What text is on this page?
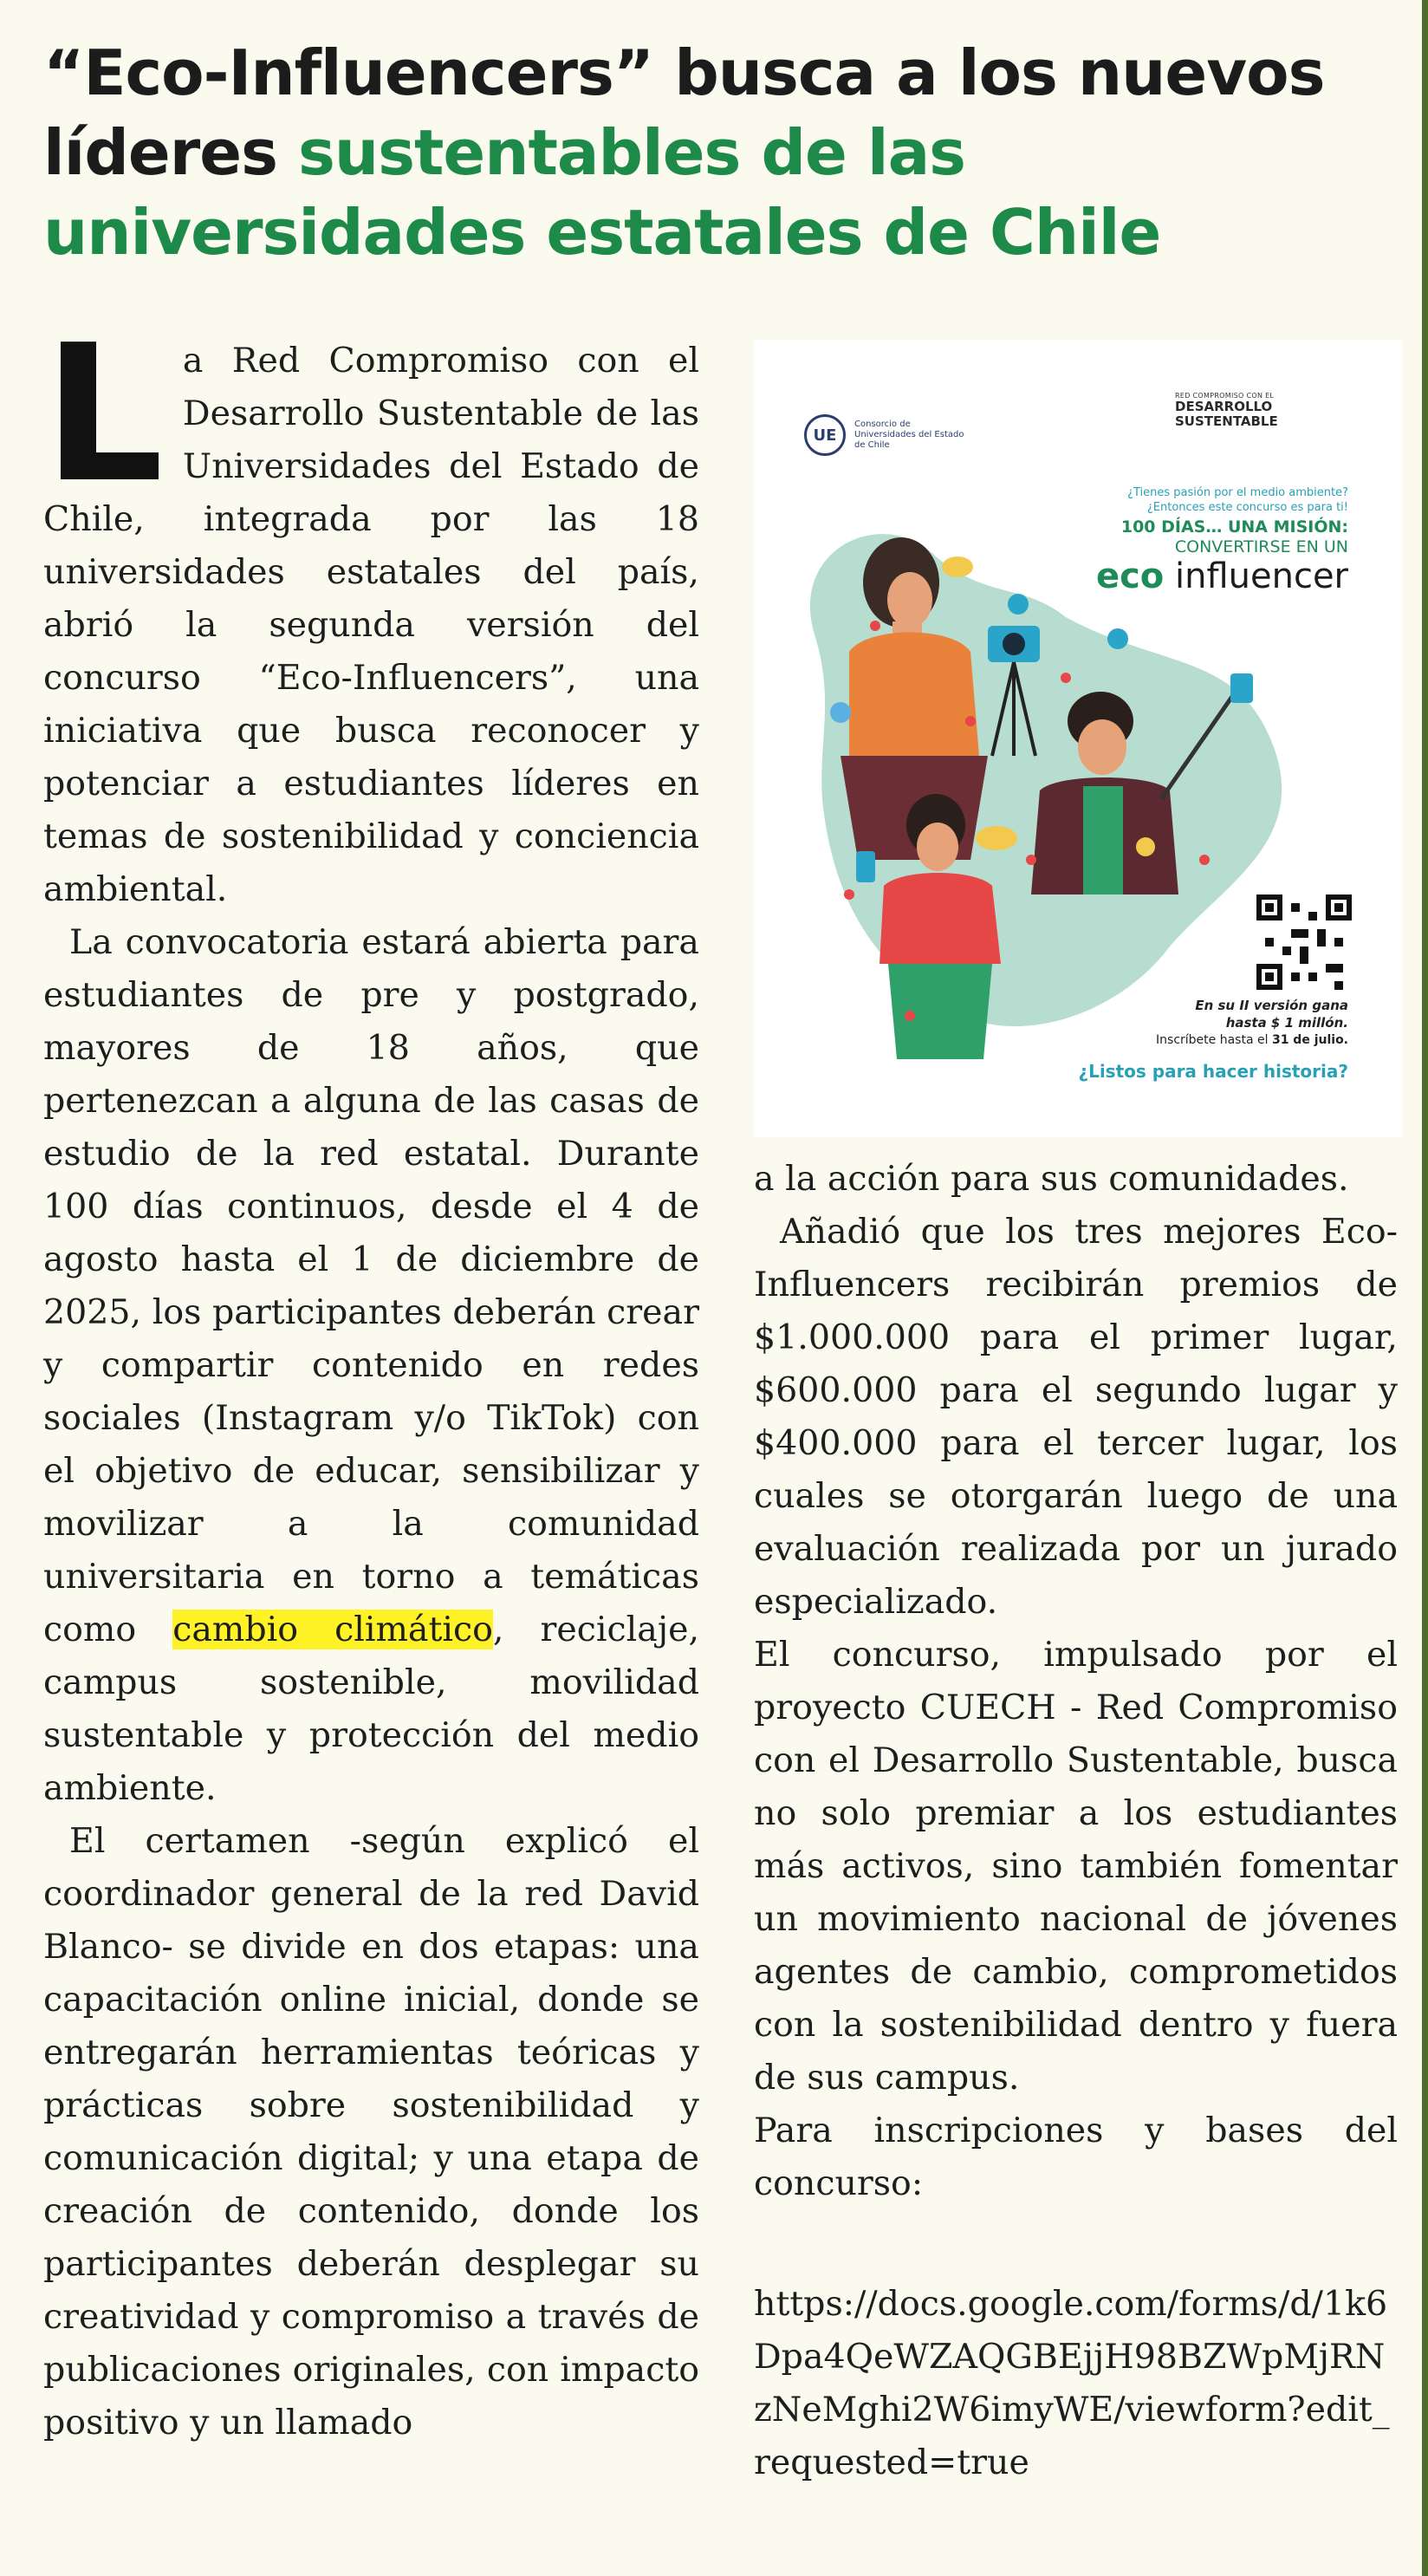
“Eco-Influencers” busca a los nuevos líderes sustentables de las universidades estatales de Chile

La Red Compromiso con el Desarrollo Sustentable de las Universidades del Estado de Chile, integrada por las 18 universidades estatales del país, abrió la segunda versión del concurso “Eco-Influencers”, una iniciativa que busca reconocer y potenciar a estudiantes líderes en temas de sostenibilidad y conciencia ambiental.

La convocatoria estará abierta para estudiantes de pre y postgrado, mayores de 18 años, que pertenezcan a alguna de las casas de estudio de la red estatal. Durante 100 días continuos, desde el 4 de agosto hasta el 1 de diciembre de 2025, los participantes deberán crear y compartir contenido en redes sociales (Instagram y/o TikTok) con el objetivo de educar, sensibilizar y movilizar a la comunidad universitaria en torno a temáticas como cambio climático, reciclaje, campus sostenible, movilidad sustentable y protección del medio ambiente.

El certamen -según explicó el coordinador general de la red David Blanco- se divide en dos etapas: una capacitación online inicial, donde se entregarán herramientas teóricas y prácticas sobre sostenibilidad y comunicación digital; y una etapa de creación de contenido, donde los participantes deberán desplegar su creatividad y compromiso a través de publicaciones originales, con impacto positivo y un llamado

UE
Consorcio de Universidades del Estado de Chile
RED COMPROMISO CON EL
DESARROLLO SUSTENTABLE
¿Tienes pasión por el medio ambiente?
¿Entonces este concurso es para ti!
100 DÍAS… UNA MISIÓN:
CONVERTIRSE EN UN
eco influencer
En su II versión gana
hasta $ 1 millón.
Inscríbete hasta el 31 de julio.
¿Listos para hacer historia?

a la acción para sus comunidades.

Añadió que los tres mejores Eco-Influencers recibirán premios de $1.000.000 para el primer lugar, $600.000 para el segundo lugar y $400.000 para el tercer lugar, los cuales se otorgarán luego de una evaluación realizada por un jurado especializado.

El concurso, impulsado por el proyecto CUECH - Red Compromiso con el Desarrollo Sustentable, busca no solo premiar a los estudiantes más activos, sino también fomentar un movimiento nacional de jóvenes agentes de cambio, comprometidos con la sostenibilidad dentro y fuera de sus campus.

Para inscripciones y bases del concurso:

https://docs.google.com/forms/d/1k6Dpa4QeWZAQGBEjjH98BZWpMjRNzNeMghi2W6imyWE/viewform?edit_requested=true
